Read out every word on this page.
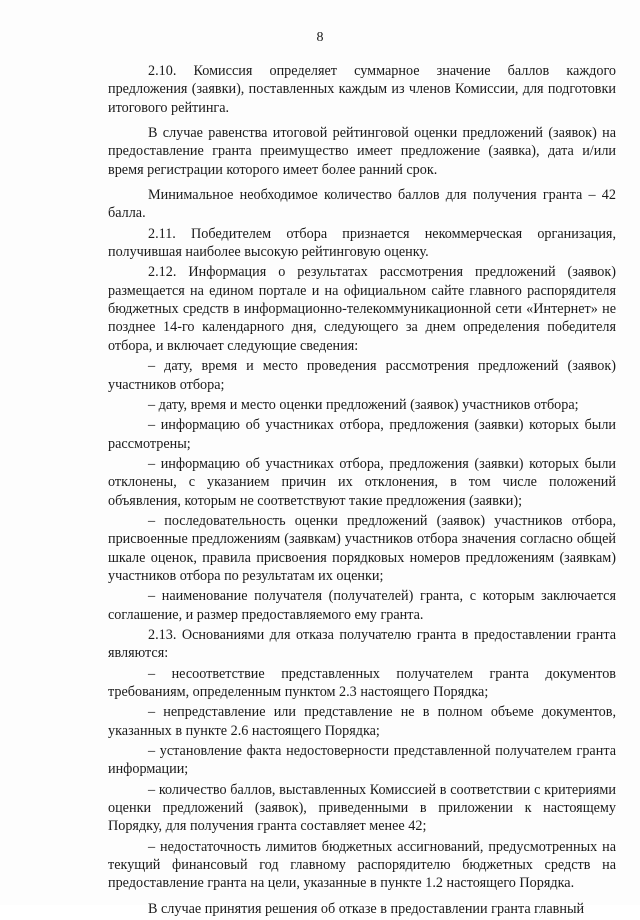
8

2.10. Комиссия определяет суммарное значение баллов каждого предложения (заявки), поставленных каждым из членов Комиссии, для подготовки итогового рейтинга.

В случае равенства итоговой рейтинговой оценки предложений (заявок) на предоставление гранта преимущество имеет предложение (заявка), дата и/или время регистрации которого имеет более ранний срок.

Минимальное необходимое количество баллов для получения гранта – 42 балла.

2.11. Победителем отбора признается некоммерческая организация, получившая наиболее высокую рейтинговую оценку.

2.12. Информация о результатах рассмотрения предложений (заявок) размещается на едином портале и на официальном сайте главного распорядителя бюджетных средств в информационно-телекоммуникационной сети «Интернет» не позднее 14-го календарного дня, следующего за днем определения победителя отбора, и включает следующие сведения:

– дату, время и место проведения рассмотрения предложений (заявок) участников отбора;

– дату, время и место оценки предложений (заявок) участников отбора;

– информацию об участниках отбора, предложения (заявки) которых были рассмотрены;

– информацию об участниках отбора, предложения (заявки) которых были отклонены, с указанием причин их отклонения, в том числе положений объявления, которым не соответствуют такие предложения (заявки);

– последовательность оценки предложений (заявок) участников отбора, присвоенные предложениям (заявкам) участников отбора значения согласно общей шкале оценок, правила присвоения порядковых номеров предложениям (заявкам) участников отбора по результатам их оценки;

– наименование получателя (получателей) гранта, с которым заключается соглашение, и размер предоставляемого ему гранта.

2.13. Основаниями для отказа получателю гранта в предоставлении гранта являются:

– несоответствие представленных получателем гранта документов требованиям, определенным пунктом 2.3 настоящего Порядка;

– непредставление или представление не в полном объеме документов, указанных в пункте 2.6 настоящего Порядка;

– установление факта недостоверности представленной получателем гранта информации;

– количество баллов, выставленных Комиссией в соответствии с критериями оценки предложений (заявок), приведенными в приложении к настоящему Порядку, для получения гранта составляет менее 42;

– недостаточность лимитов бюджетных ассигнований, предусмотренных на текущий финансовый год главному распорядителю бюджетных средств на предоставление гранта на цели, указанные в пункте 1.2 настоящего Порядка.

В случае принятия решения об отказе в предоставлении гранта главный
